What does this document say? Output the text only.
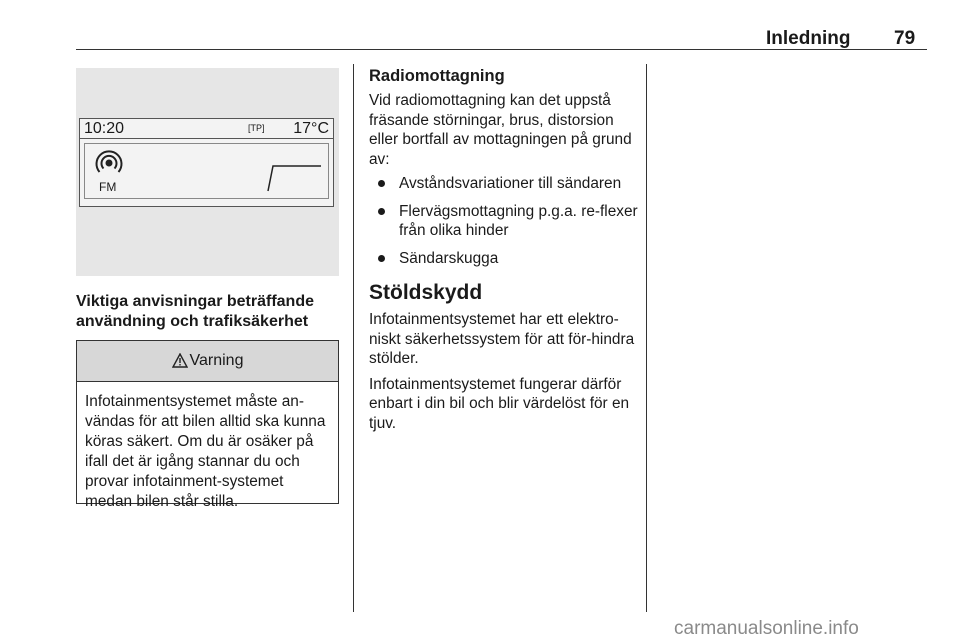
Inledning 79
10:20	[TP] 17°C
FM
Viktiga anvisningar beträffande användning och trafiksäkerhet
Varning
Infotainmentsystemet måste an-vändas för att bilen alltid ska kunna köras säkert. Om du är osäker på ifall det är igång stannar du och provar infotainment-systemet medan bilen står stilla.
Radiomottagning

Vid radiomottagning kan det uppstå fräsande störningar, brus, distorsion eller bortfall av mottagningen på grund av:

Avståndsvariationer till sändaren
Flervägsmottagning p.g.a. re-flexer från olika hinder
Sändarskugga
Stöldskydd

Infotainmentsystemet har ett elektro-niskt säkerhetssystem för att för-hindra stölder.

Infotainmentsystemet fungerar därför enbart i din bil och blir värdelöst för en tjuv.

carmanualsonline.info
